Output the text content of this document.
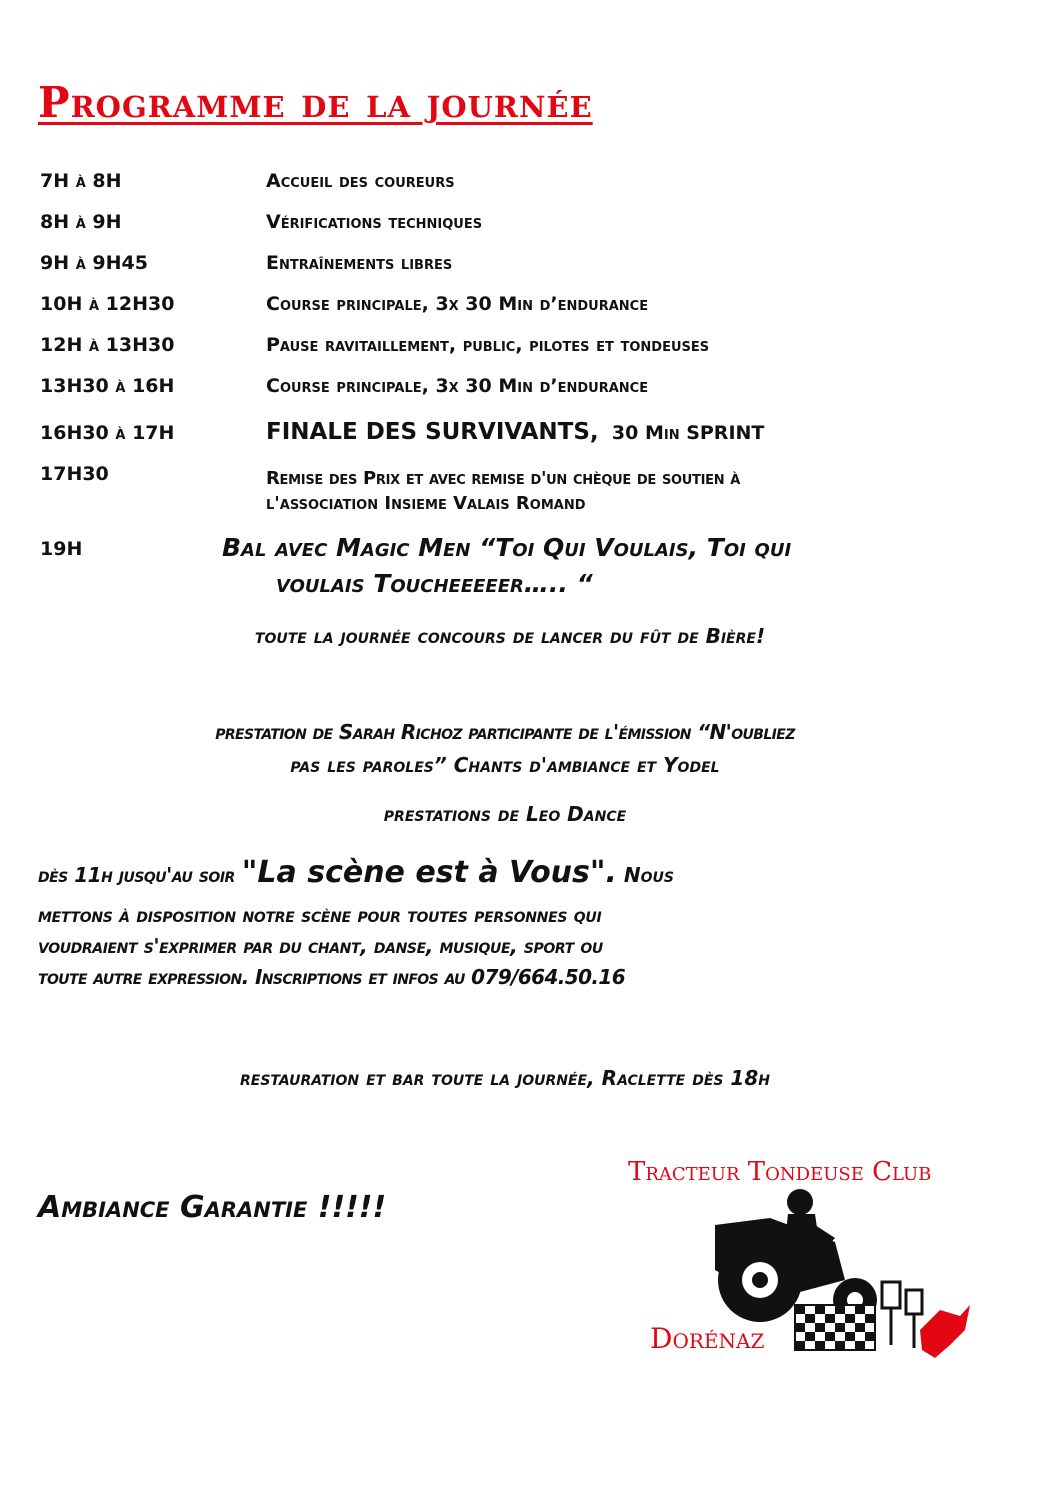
Programme de la journée
7H à 8H	Accueil des coureurs
8H à 9H	Vérifications techniques
9H à 9H45	Entraînements libres
10H à 12H30	Course principale, 3x 30 Min d’endurance
12H à 13H30	Pause ravitaillement, public, pilotes et tondeuses
13H30 à 16H	Course principale, 3x 30 Min d’endurance
16H30 à 17H	FINALE DES SURVIVANTS, 30 Min SPRINT
17H30	Remise des Prix et avec remise d'un chèque de soutien à
l'association Insieme Valais Romand
19H	Bal avec Magic Men “Toi Qui Voulais, Toi qui
voulais Toucheeeeer….. “
toute la journée concours de lancer du fût de Bière!
prestation de Sarah Richoz participante de l'émission “N'oubliez
pas les paroles” Chants d'ambiance et Yodel
prestations de Leo Dance
dès 11h jusqu'au soir "La scène est à Vous". Nous
mettons à disposition notre scène pour toutes personnes qui
voudraient s'exprimer par du chant, danse, musique, sport ou
toute autre expression. Inscriptions et infos au 079/664.50.16
restauration et bar toute la journée, Raclette dès 18h
Ambiance Garantie !!!!!
Tracteur Tondeuse Club
Dorénaz
